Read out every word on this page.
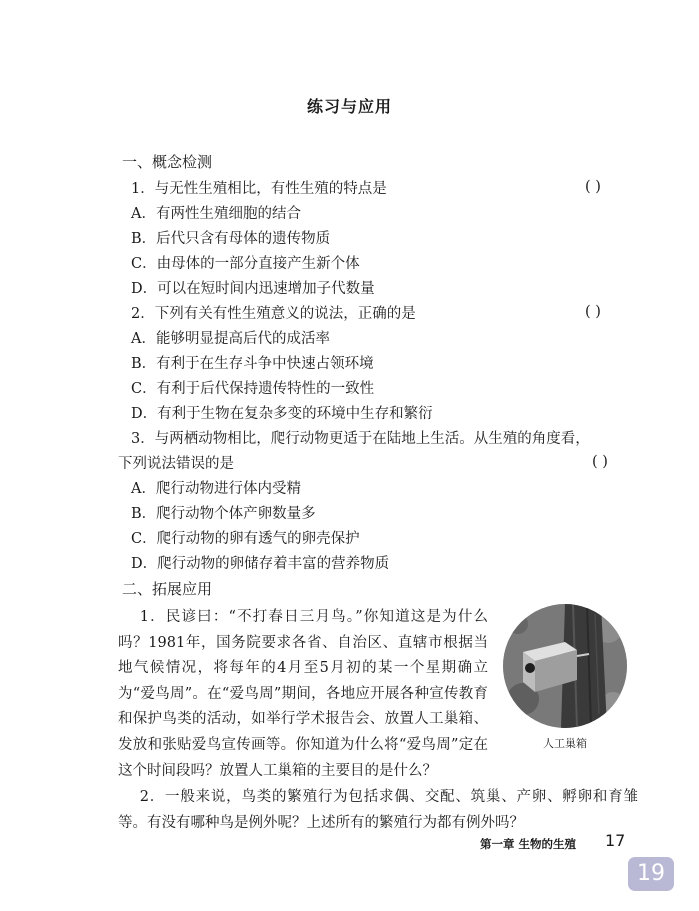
练习与应用
一、概念检测
1．与无性生殖相比，有性生殖的特点是	( )
A．有两性生殖细胞的结合
B．后代只含有母体的遗传物质
C．由母体的一部分直接产生新个体
D．可以在短时间内迅速增加子代数量
2．下列有关有性生殖意义的说法，正确的是	( )
A．能够明显提高后代的成活率
B．有利于在生存斗争中快速占领环境
C．有利于后代保持遗传特性的一致性
D．有利于生物在复杂多变的环境中生存和繁衍
3．与两栖动物相比，爬行动物更适于在陆地上生活。从生殖的角度看，
下列说法错误的是	( )
A．爬行动物进行体内受精
B．爬行动物个体产卵数量多
C．爬行动物的卵有透气的卵壳保护
D．爬行动物的卵储存着丰富的营养物质
二、拓展应用
1．民谚曰：“不打春日三月鸟。”你知道这是为什么吗？1981年，国务院要求各省、自治区、直辖市根据当地气候情况，将每年的4月至5月初的某一个星期确立为“爱鸟周”。在“爱鸟周”期间，各地应开展各种宣传教育和保护鸟类的活动，如举行学术报告会、放置人工巢箱、发放和张贴爱鸟宣传画等。你知道为什么将“爱鸟周”定在这个时间段吗？放置人工巢箱的主要目的是什么？
人工巢箱
2．一般来说，鸟类的繁殖行为包括求偶、交配、筑巢、产卵、孵卵和育雏等。有没有哪种鸟是例外呢？上述所有的繁殖行为都有例外吗？
第一章 生物的生殖 17
19
